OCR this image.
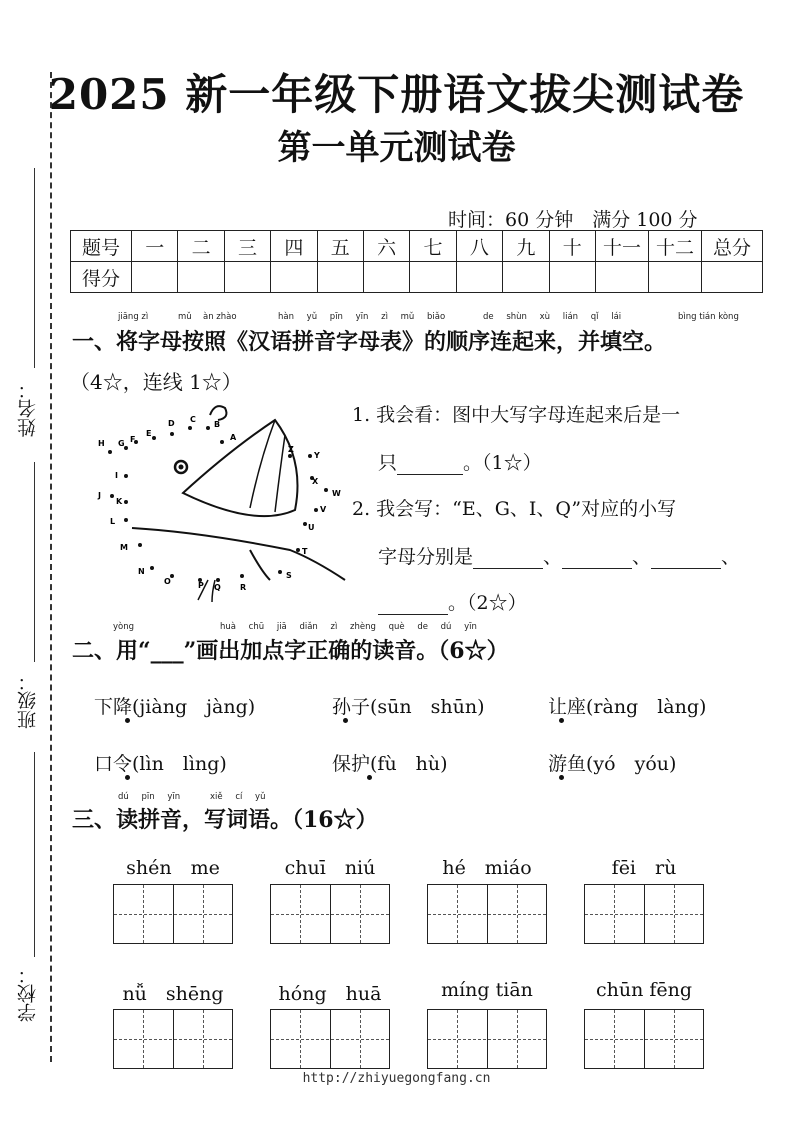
姓名：
班级：
学校：
2025 新一年级下册语文拔尖测试卷
第一单元测试卷
时间：60 分钟　满分 100 分
题号	一	二	三	四	五	六	七	八	九	十	十一	十二	总分
得分													
jiāng zì	mǔ àn zhào	hàn yǔ pīn yīn zì mǔ biǎo	de shùn xù lián qǐ lái	bìng tián kòng
一、将字母按照《汉语拼音字母表》的顺序连起来，并填空。
（4☆，连线 1☆）
A
B
C
D
E
F
G
H
I
J
K
L
M
N
O	P Q R
S
T
U
V
W
X
Y
Z
1. 我会看：图中大写字母连起来后是一
只	。（1☆）
2. 我会写：“E、G、I、Q”对应的小写
字母分别是	、	、	、
。（2☆）
yòng	huà chū jiā diǎn zì zhèng què de dú yīn
二、用“___”画出加点字正确的读音。（6☆）
下降(jiàng　jàng)	孙子(sūn　shūn)	让座(ràng　làng)
口令(lìn　lìng)	保护(fù　hù)	游鱼(yó　yóu)
dú pīn yīn	xiě cí yǔ
三、读拼音，写词语。（16☆）
shén　me	chuī　niú	hé　miáo	fēi　rù
nǚ　shēng	hóng　huā	míng tiān	chūn fēng
http://zhiyuegongfang.cn
